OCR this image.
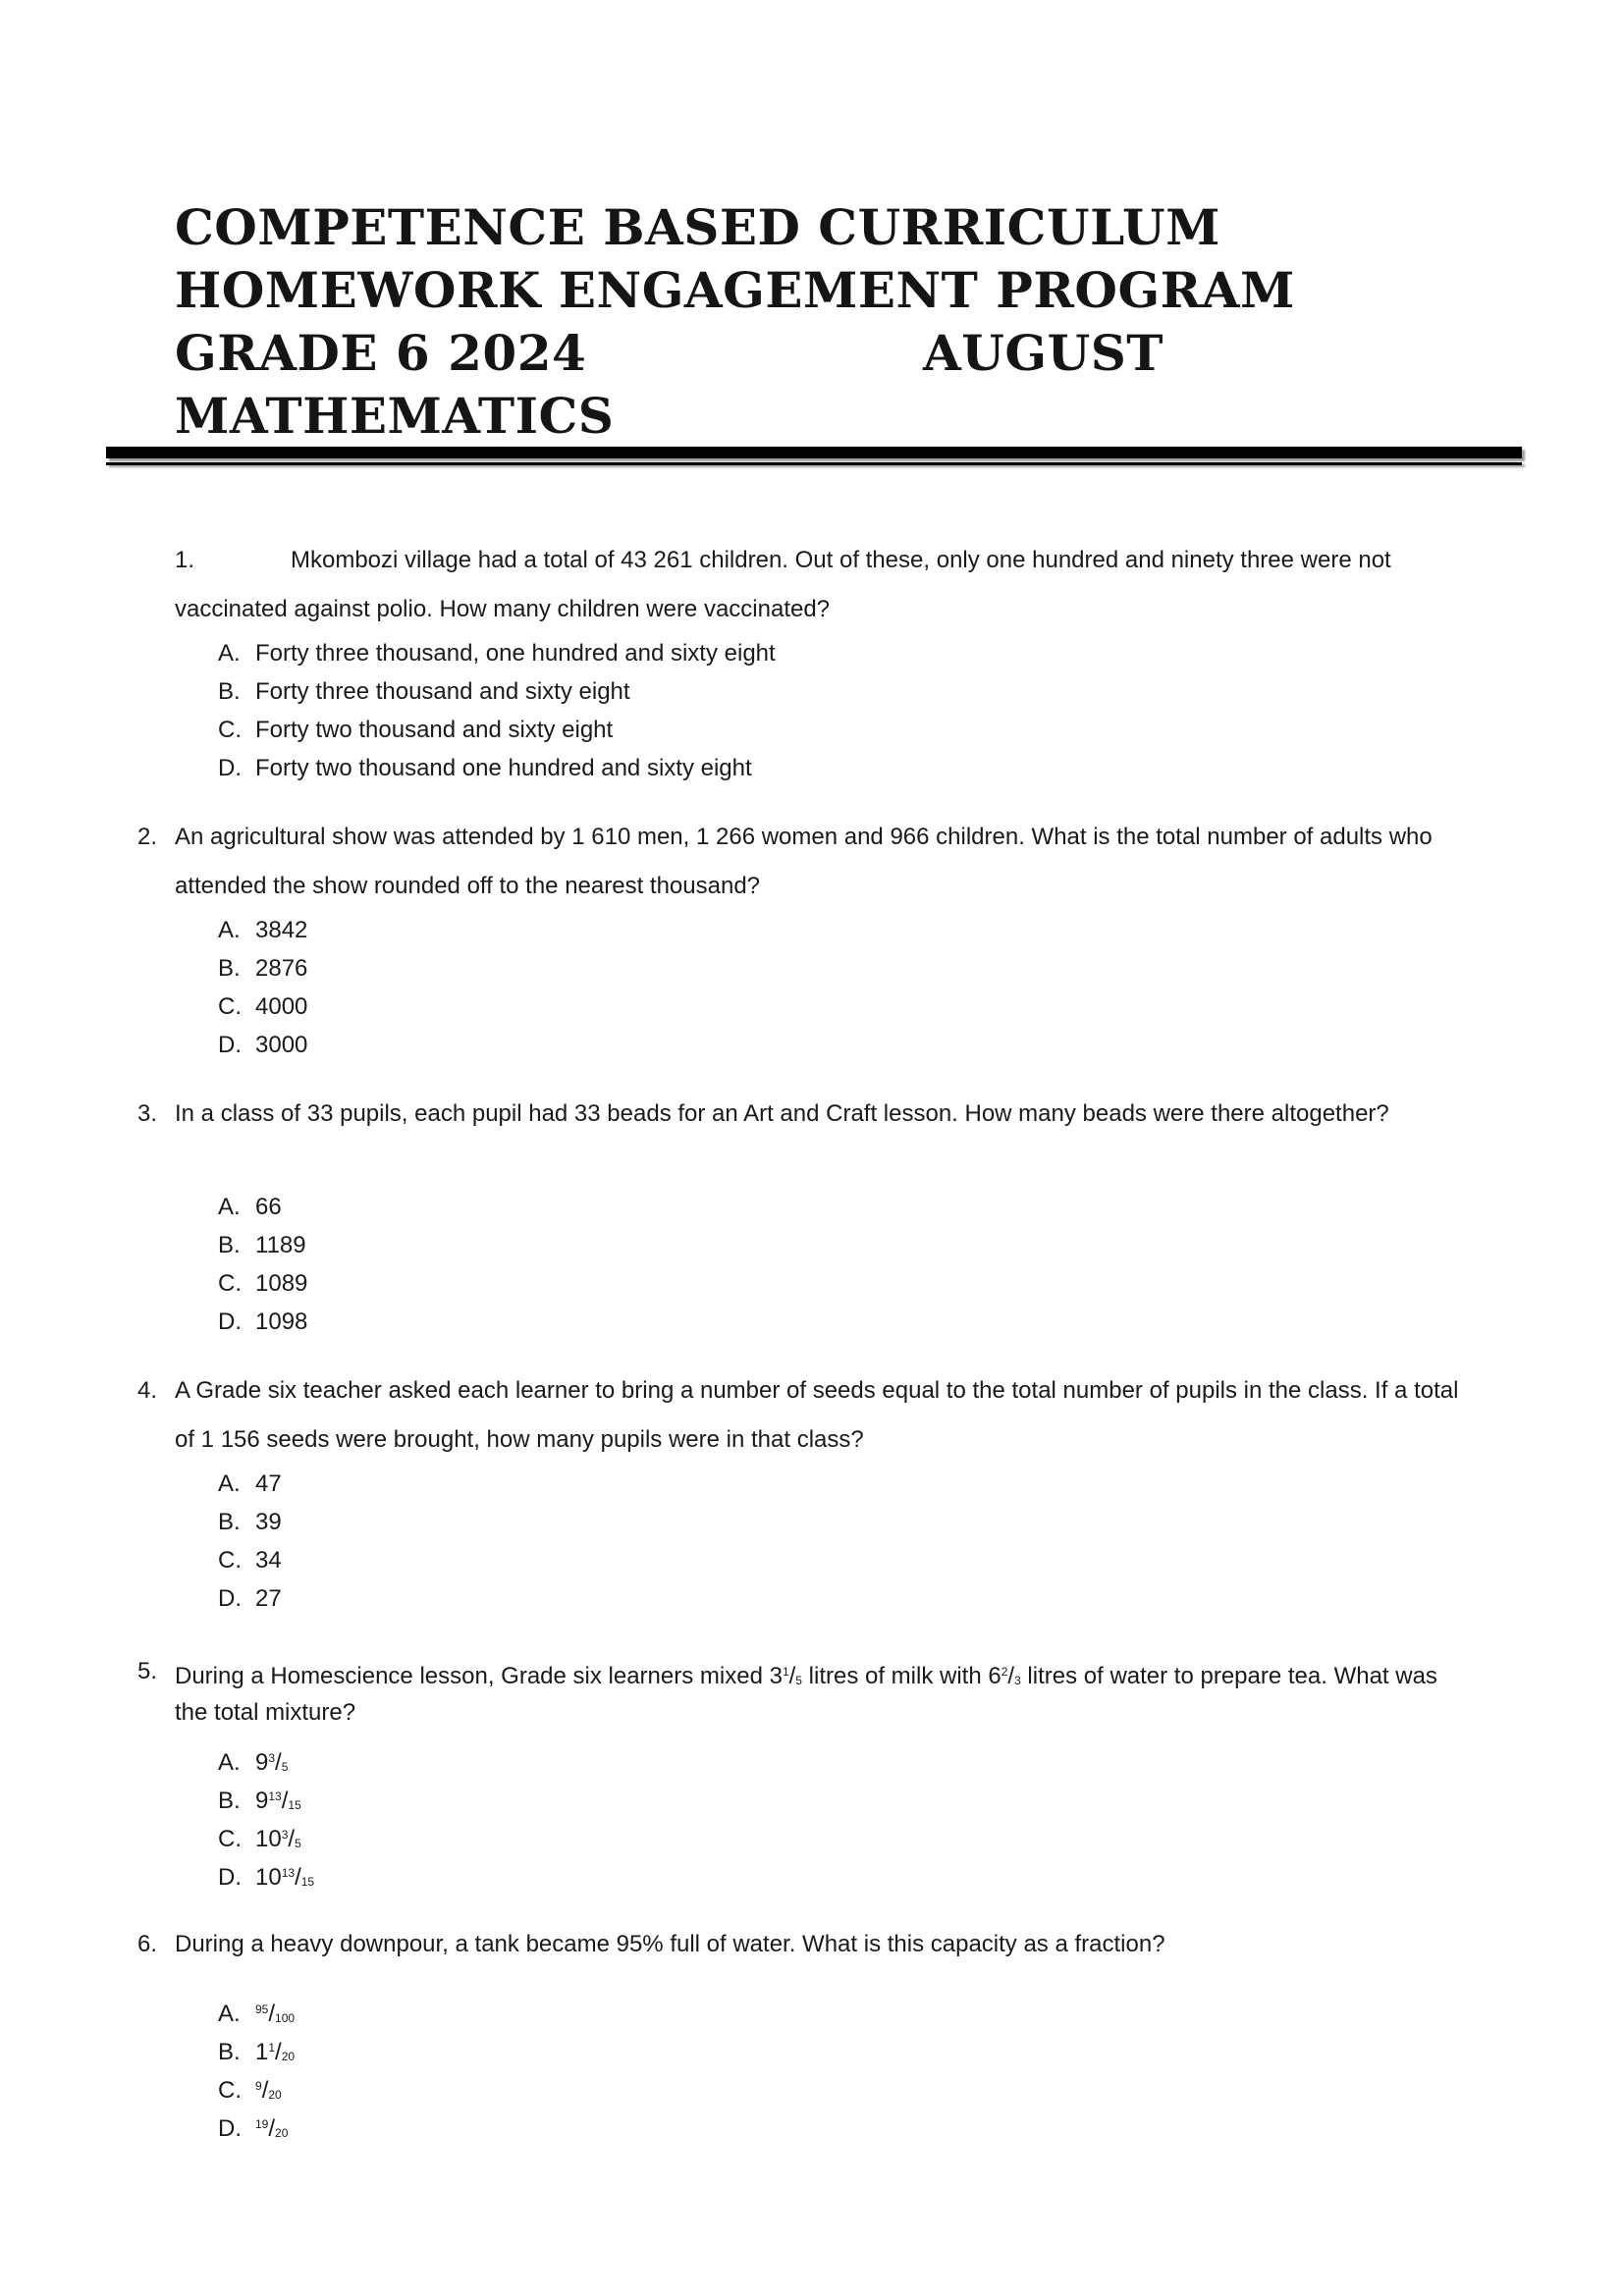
COMPETENCE BASED CURRICULUM
HOMEWORK ENGAGEMENT PROGRAM
GRADE 6 2024	AUGUST
MATHEMATICS
1.	Mkombozi village had a total of 43 261 children. Out of these, only one hundred and ninety three were not
vaccinated against polio. How many children were vaccinated?
A. Forty three thousand, one hundred and sixty eight
B. Forty three thousand and sixty eight
C. Forty two thousand and sixty eight
D. Forty two thousand one hundred and sixty eight
2. An agricultural show was attended by 1 610 men, 1 266 women and 966 children. What is the total number of adults who
attended the show rounded off to the nearest thousand?
A. 3842
B. 2876
C. 4000
D. 3000
3. In a class of 33 pupils, each pupil had 33 beads for an Art and Craft lesson. How many beads were there altogether?
A. 66
B. 1189
C. 1089
D. 1098
4. A Grade six teacher asked each learner to bring a number of seeds equal to the total number of pupils in the class. If a total
of 1 156 seeds were brought, how many pupils were in that class?
A. 47
B. 39
C. 34
D. 27
5. During a Homescience lesson, Grade six learners mixed $3^1/_5$ litres of milk with $6^2/_3$ litres of water to prepare tea. What was
the total mixture?
A. $9^3/_5$
B. $9^{13}/_{15}$
C. $10^3/_5$
D. $10^{13}/_{15}$
6. During a heavy downpour, a tank became 95% full of water. What is this capacity as a fraction?
A. $^{95}/_{100}$
B. $1^1/_{20}$
C. $^9/_{20}$
D. $^{19}/_{20}$
